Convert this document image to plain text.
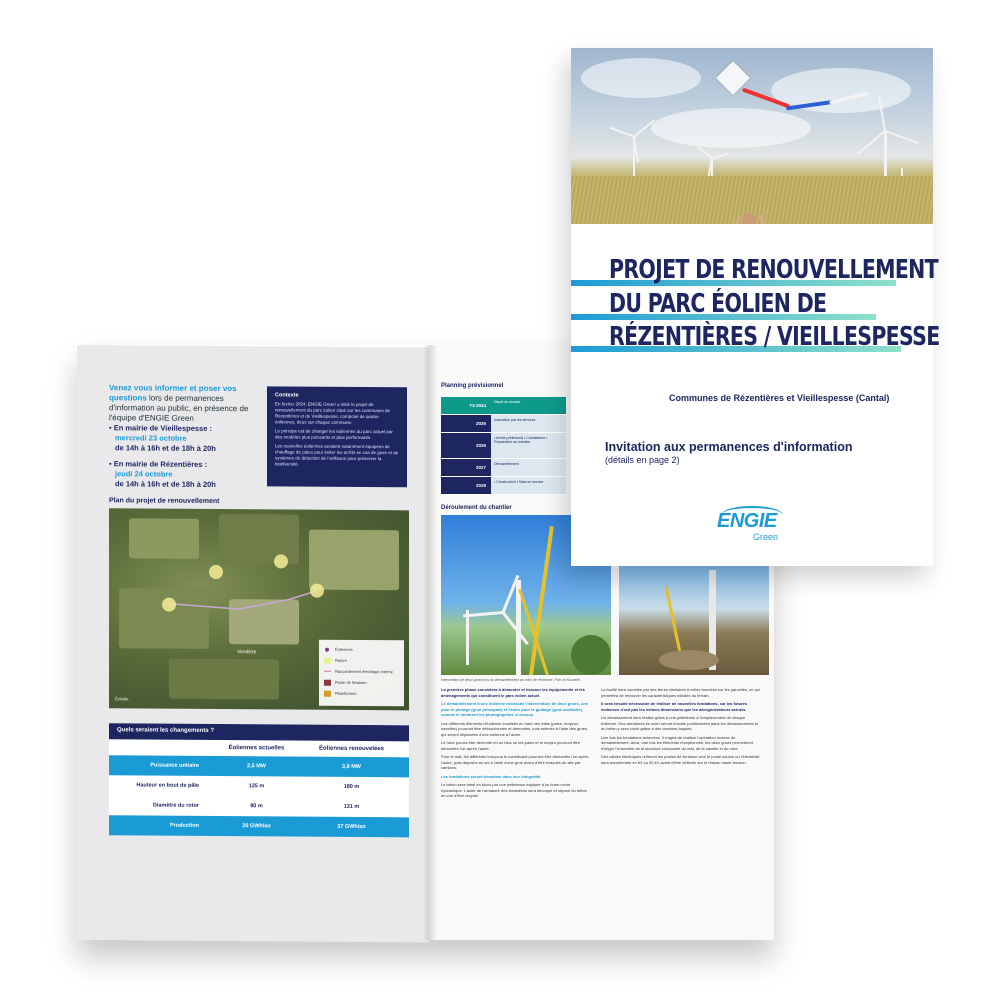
Venez vous informer et poser vos questions lors de permanences d'information au public, en présence de l'équipe d'ENGIE Green
• En mairie de Vieillespesse :
mercredi 23 octobre
de 14h à 16h et de 18h à 20h
• En mairie de Rézentières :
jeudi 24 octobre
de 14h à 16h et de 18h à 20h
Contexte

En février 2024, ENGIE Green a initié le projet de renouvellement du parc éolien situé sur les communes de Rézentières et de Vieillespesse, composé de quatre éoliennes, deux sur chaque commune.

Le principe est de changer les éoliennes du parc actuel par des modèles plus puissants et plus performants.

Les nouvelles éoliennes seraient notamment équipées de chauffage de pales pour éviter les arrêts en cas de givre et de systèmes de détection de l'avifaune pour préserver la biodiversité.

Plan du projet de renouvellement
Vendèze
Échelle :
Éoliennes
Rotors
Raccordement électrique interne
Poste de livraison
Plateformes
Quels seraient les changements ?
Éoliennes actuelles	Éoliennes renouvelées
Puissance unitaire	2,5 MW	3,9 MW
Hauteur en bout de pâle	125 m	180 m
Diamètre du rotor	90 m	131 m
Production	20 GWh/an	37 GWh/an
Planning prévisionnel
T4 2024
Dépôt du dossier
2025
Instruction par les services
2026
• Arrêté préfectoral • Candidature • Préparation du chantier
2027
Démantèlement
2028
• Construction • Mise en service
Déroulement du chantier
Intervention de deux grues lors du démantèlement du rotor de l'éolienne. Parc la Nouvelle.

La première phase consistera à démonter et évacuer les équipements et les aménagements qui constituent le parc éolien actuel.

Le démantèlement d'une éolienne nécessite l'intervention de deux grues, une pour le portage (grue principale) et l'autre pour le guidage (grue auxiliaire), comme le montrent les photographies ci-dessus.

Les différents éléments d'éolienne localisés en haut des mâts (pales, moyeux, nacelles) pourront être débouclonnés et démontés, puis enlevés à l'aide des grues, qui seront déplacées d'une éolienne à l'autre.

Le rotor pourra être démonté en un bloc ou les pales et le moyeu pourront être démontés l'un après l'autre.

Pour le mât, les différents tronçons le constituant pourront être démontés l'un après l'autre, puis déposés au sol à l'aide d'une grue avant d'être évacués du site par camions.

Les fondations seront démolies dans leur intégralité.

Le béton sera brisé en blocs par une pelleteuse équipée d'un brise-roche hydraulique. L'acier de l'armature des fondations sera découpé et séparé du béton en vue d'être recyclé.

La fouille sera comblée par des terres similaires à celles trouvées sur les parcelles, ce qui permettra de retrouver les caractéristiques initiales du terrain.

Il sera ensuite nécessaire de réaliser de nouvelles fondations, car les futures éoliennes n'ont pas les mêmes dimensions que les aérogénérateurs actuels.

Un décaissement sera réalisé grâce à une pelleteuse à l'emplacement de chaque éolienne. Des armatures en acier seront ensuite positionnées dans les décaissements et du béton y sera coulé grâce à des camions-toupies.

Une fois les fondations achevées, il s'agira de réaliser l'opération inverse du démantèlement. Ainsi, une fois les éléments réceptionnés, les deux grues permettront d'ériger l'ensemble de la structure composée du mât, de la nacelle et du rotor.

Des câbles électriques relieront les postes de livraison vers le poste source où l'électricité sera transformée en 63 ou 90 kV avant d'être délivrée sur le réseau haute tension.

PROJET DE RENOUVELLEMENT
DU PARC ÉOLIEN DE
RÉZENTIÈRES / VIEILLESPESSE
Communes de Rézentières et Vieillespesse (Cantal)
Invitation aux permanences d'information
(détails en page 2)
ENGIE
Green
